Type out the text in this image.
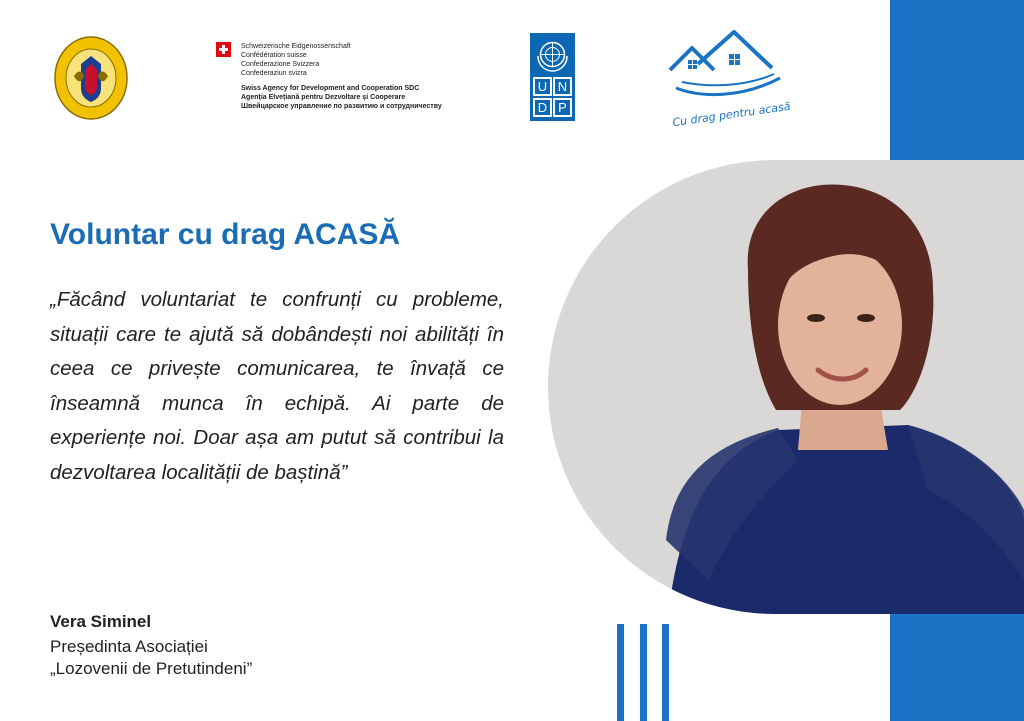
Schweizerische Eidgenossenschaft
Confédération suisse
Confederazione Svizzera
Confederaziun svizra
Swiss Agency for Development and Cooperation SDC
Agenția Elvețiană pentru Dezvoltare și Cooperare
Швейцарское управление по развитию и сотрудничеству
U N
D P	Cu drag pentru acasă
Voluntar cu drag ACASĂ
„Făcând voluntariat te confrunți cu probleme, situații care te ajută să dobândești noi abilități în ceea ce privește comunicarea, te învață ce înseamnă munca în echipă. Ai parte de experiențe noi. Doar așa am putut să contribui la dezvoltarea localității de baștină”
Vera Siminel
Președinta Asociației
„Lozovenii de Pretutindeni”
